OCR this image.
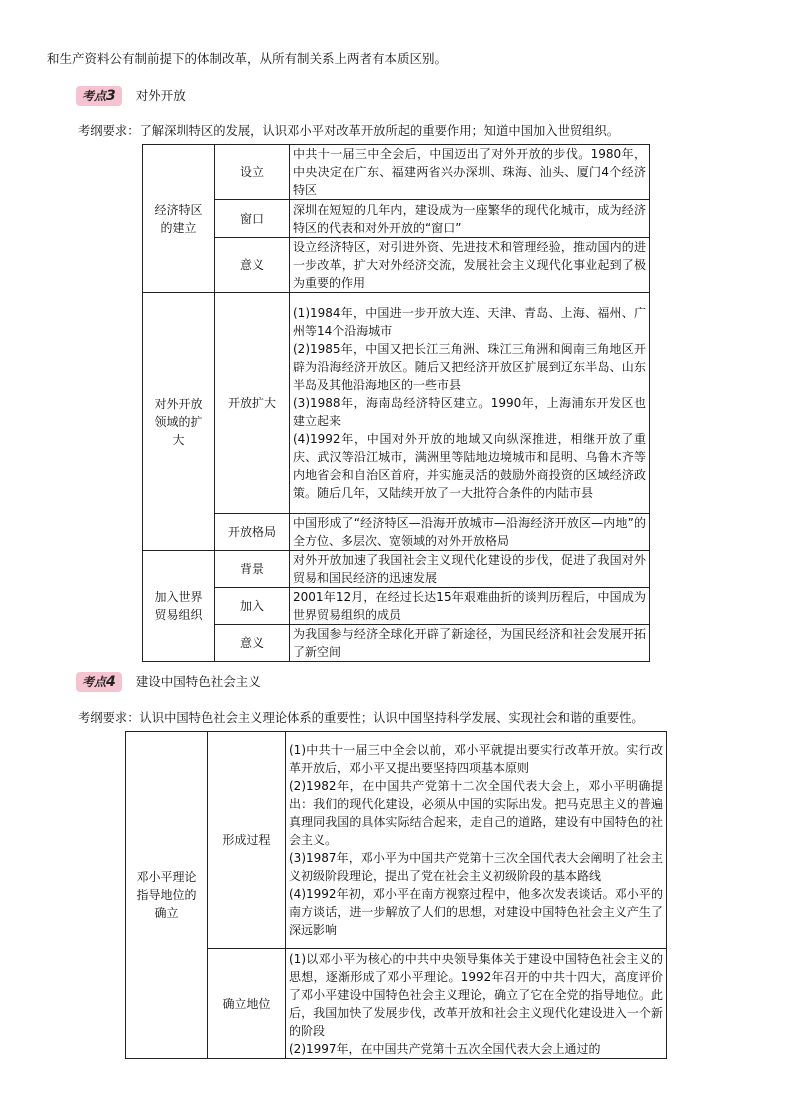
和生产资料公有制前提下的体制改革，从所有制关系上两者有本质区别。
考点3	对外开放
考纲要求：了解深圳特区的发展，认识邓小平对改革开放所起的重要作用；知道中国加入世贸组织。
经济特区的建立	设立	中共十一届三中全会后，中国迈出了对外开放的步伐。1980年，中央决定在广东、福建两省兴办深圳、珠海、汕头、厦门4个经济特区
	窗口	深圳在短短的几年内，建设成为一座繁华的现代化城市，成为经济特区的代表和对外开放的“窗口”
	意义	设立经济特区，对引进外资、先进技术和管理经验，推动国内的进一步改革，扩大对外经济交流，发展社会主义现代化事业起到了极为重要的作用
对外开放领域的扩大	开放扩大	(1)1984年，中国进一步开放大连、天津、青岛、上海、福州、广州等14个沿海城市
(2)1985年，中国又把长江三角洲、珠江三角洲和闽南三角地区开辟为沿海经济开放区。随后又把经济开放区扩展到辽东半岛、山东半岛及其他沿海地区的一些市县
(3)1988年，海南岛经济特区建立。1990年，上海浦东开发区也建立起来
(4)1992年，中国对外开放的地域又向纵深推进，相继开放了重庆、武汉等沿江城市，满洲里等陆地边境城市和昆明、乌鲁木齐等内地省会和自治区首府，并实施灵活的鼓励外商投资的区域经济政策。随后几年，又陆续开放了一大批符合条件的内陆市县

	开放格局	中国形成了“经济特区—沿海开放城市—沿海经济开放区—内地”的全方位、多层次、宽领域的对外开放格局
加入世界贸易组织	背景	对外开放加速了我国社会主义现代化建设的步伐，促进了我国对外贸易和国民经济的迅速发展
	加入	2001年12月，在经过长达15年艰难曲折的谈判历程后，中国成为世界贸易组织的成员
	意义	为我国参与经济全球化开辟了新途径，为国民经济和社会发展开拓了新空间
考点4	建设中国特色社会主义
考纲要求：认识中国特色社会主义理论体系的重要性；认识中国坚持科学发展、实现社会和谐的重要性。
邓小平理论指导地位的确立	形成过程	(1)中共十一届三中全会以前，邓小平就提出要实行改革开放。实行改革开放后，邓小平又提出要坚持四项基本原则
(2)1982年，在中国共产党第十二次全国代表大会上，邓小平明确提出：我们的现代化建设，必须从中国的实际出发。把马克思主义的普遍真理同我国的具体实际结合起来，走自己的道路，建设有中国特色的社会主义。
(3)1987年，邓小平为中国共产党第十三次全国代表大会阐明了社会主义初级阶段理论，提出了党在社会主义初级阶段的基本路线
(4)1992年初，邓小平在南方视察过程中，他多次发表谈话。邓小平的南方谈话，进一步解放了人们的思想，对建设中国特色社会主义产生了深远影响

	确立地位	(1)以邓小平为核心的中共中央领导集体关于建设中国特色社会主义的思想，逐渐形成了邓小平理论。1992年召开的中共十四大，高度评价了邓小平建设中国特色社会主义理论，确立了它在全党的指导地位。此后，我国加快了发展步伐，改革开放和社会主义现代化建设进入一个新的阶段
(2)1997年，在中国共产党第十五次全国代表大会上通过的
